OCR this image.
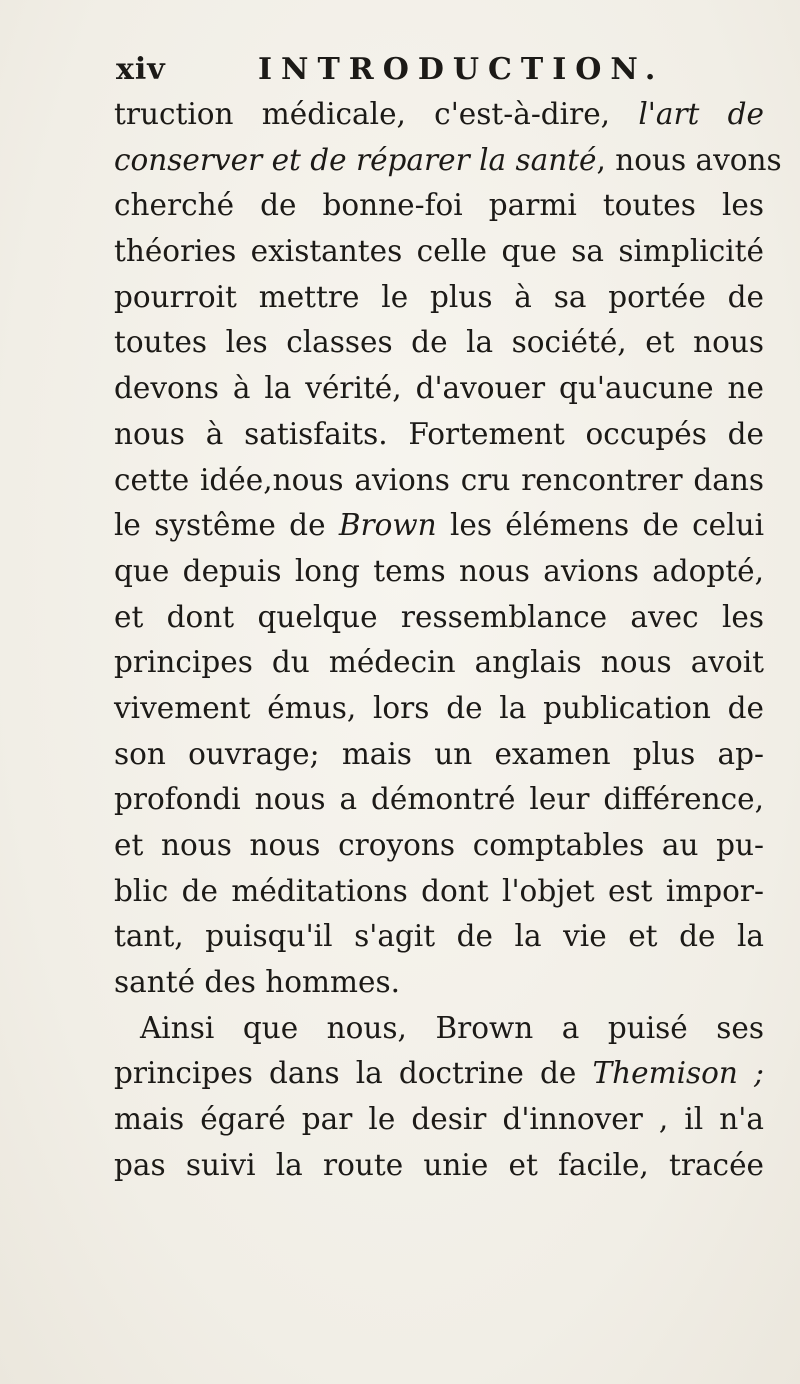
xiv	INTRODUCTION.
truction médicale, c'est-à-dire, l'art de
conserver et de réparer la santé, nous avons
cherché de bonne-foi parmi toutes les
théories existantes celle que sa simplicité
pourroit mettre le plus à sa portée de
toutes les classes de la société, et nous
devons à la vérité, d'avouer qu'aucune ne
nous à satisfaits. Fortement occupés de
cette idée,nous avions cru rencontrer dans
le systême de Brown les élémens de celui
que depuis long tems nous avions adopté,
et dont quelque ressemblance avec les
principes du médecin anglais nous avoit
vivement émus, lors de la publication de
son ouvrage; mais un examen plus ap-
profondi nous a démontré leur différence,
et nous nous croyons comptables au pu-
blic de méditations dont l'objet est impor-
tant, puisqu'il s'agit de la vie et de la
santé des hommes.
Ainsi que nous, Brown a puisé ses
principes dans la doctrine de Themison ;
mais égaré par le desir d'innover , il n'a
pas suivi la route unie et facile, tracée
